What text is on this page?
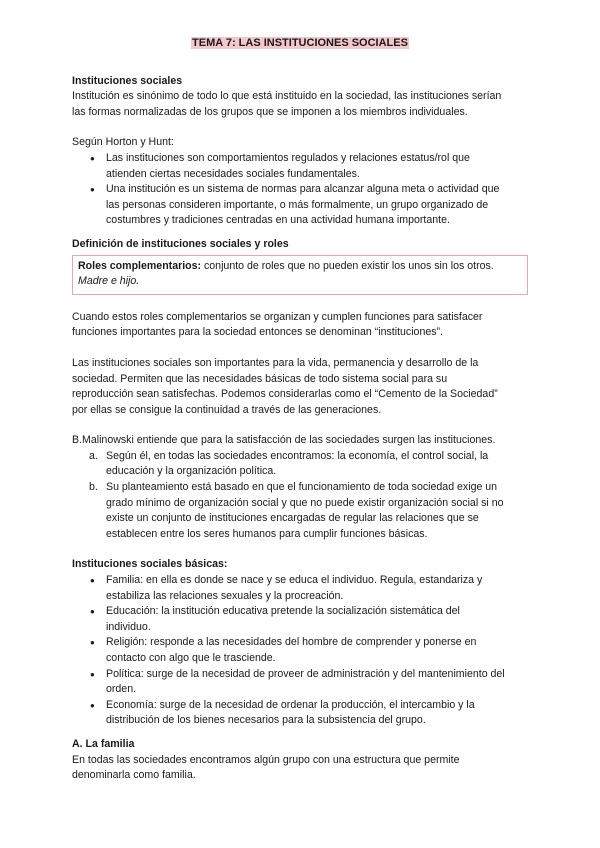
TEMA 7: LAS INSTITUCIONES SOCIALES

Instituciones sociales

Institución es sinónimo de todo lo que está instituido en la sociedad, las instituciones serían

las formas normalizadas de los grupos que se imponen a los miembros individuales.

Según Horton y Hunt:

● Las instituciones son comportamientos regulados y relaciones estatus/rol que
atienden ciertas necesidades sociales fundamentales.
● Una institución es un sistema de normas para alcanzar alguna meta o actividad que
las personas consideren importante, o más formalmente, un grupo organizado de
costumbres y tradiciones centradas en una actividad humana importante.

Definición de instituciones sociales y roles

Roles complementarios: conjunto de roles que no pueden existir los unos sin los otros.
Madre e hijo.

Cuando estos roles complementarios se organizan y cumplen funciones para satisfacer

funciones importantes para la sociedad entonces se denominan “instituciones”.

Las instituciones sociales son importantes para la vida, permanencia y desarrollo de la

sociedad. Permiten que las necesidades básicas de todo sistema social para su

reproducción sean satisfechas. Podemos considerarlas como el “Cemento de la Sociedad”

por ellas se consigue la continuidad a través de las generaciones.

B.Malinowski entiende que para la satisfacción de las sociedades surgen las instituciones.

a. Según él, en todas las sociedades encontramos: la economía, el control social, la
educación y la organización política.
b. Su planteamiento está basado en que el funcionamiento de toda sociedad exige un
grado mínimo de organización social y que no puede existir organización social si no
existe un conjunto de instituciones encargadas de regular las relaciones que se
establecen entre los seres humanos para cumplir funciones básicas.

Instituciones sociales básicas:

● Familia: en ella es donde se nace y se educa el individuo. Regula, estandariza y
estabiliza las relaciones sexuales y la procreación.
● Educación: la institución educativa pretende la socialización sistemática del
individuo.
● Religión: responde a las necesidades del hombre de comprender y ponerse en
contacto con algo que le trasciende.
● Política: surge de la necesidad de proveer de administración y del mantenimiento del
orden.
● Economía: surge de la necesidad de ordenar la producción, el intercambio y la
distribución de los bienes necesarios para la subsistencia del grupo.

A. La familia

En todas las sociedades encontramos algún grupo con una estructura que permite

denominarla como familia.
